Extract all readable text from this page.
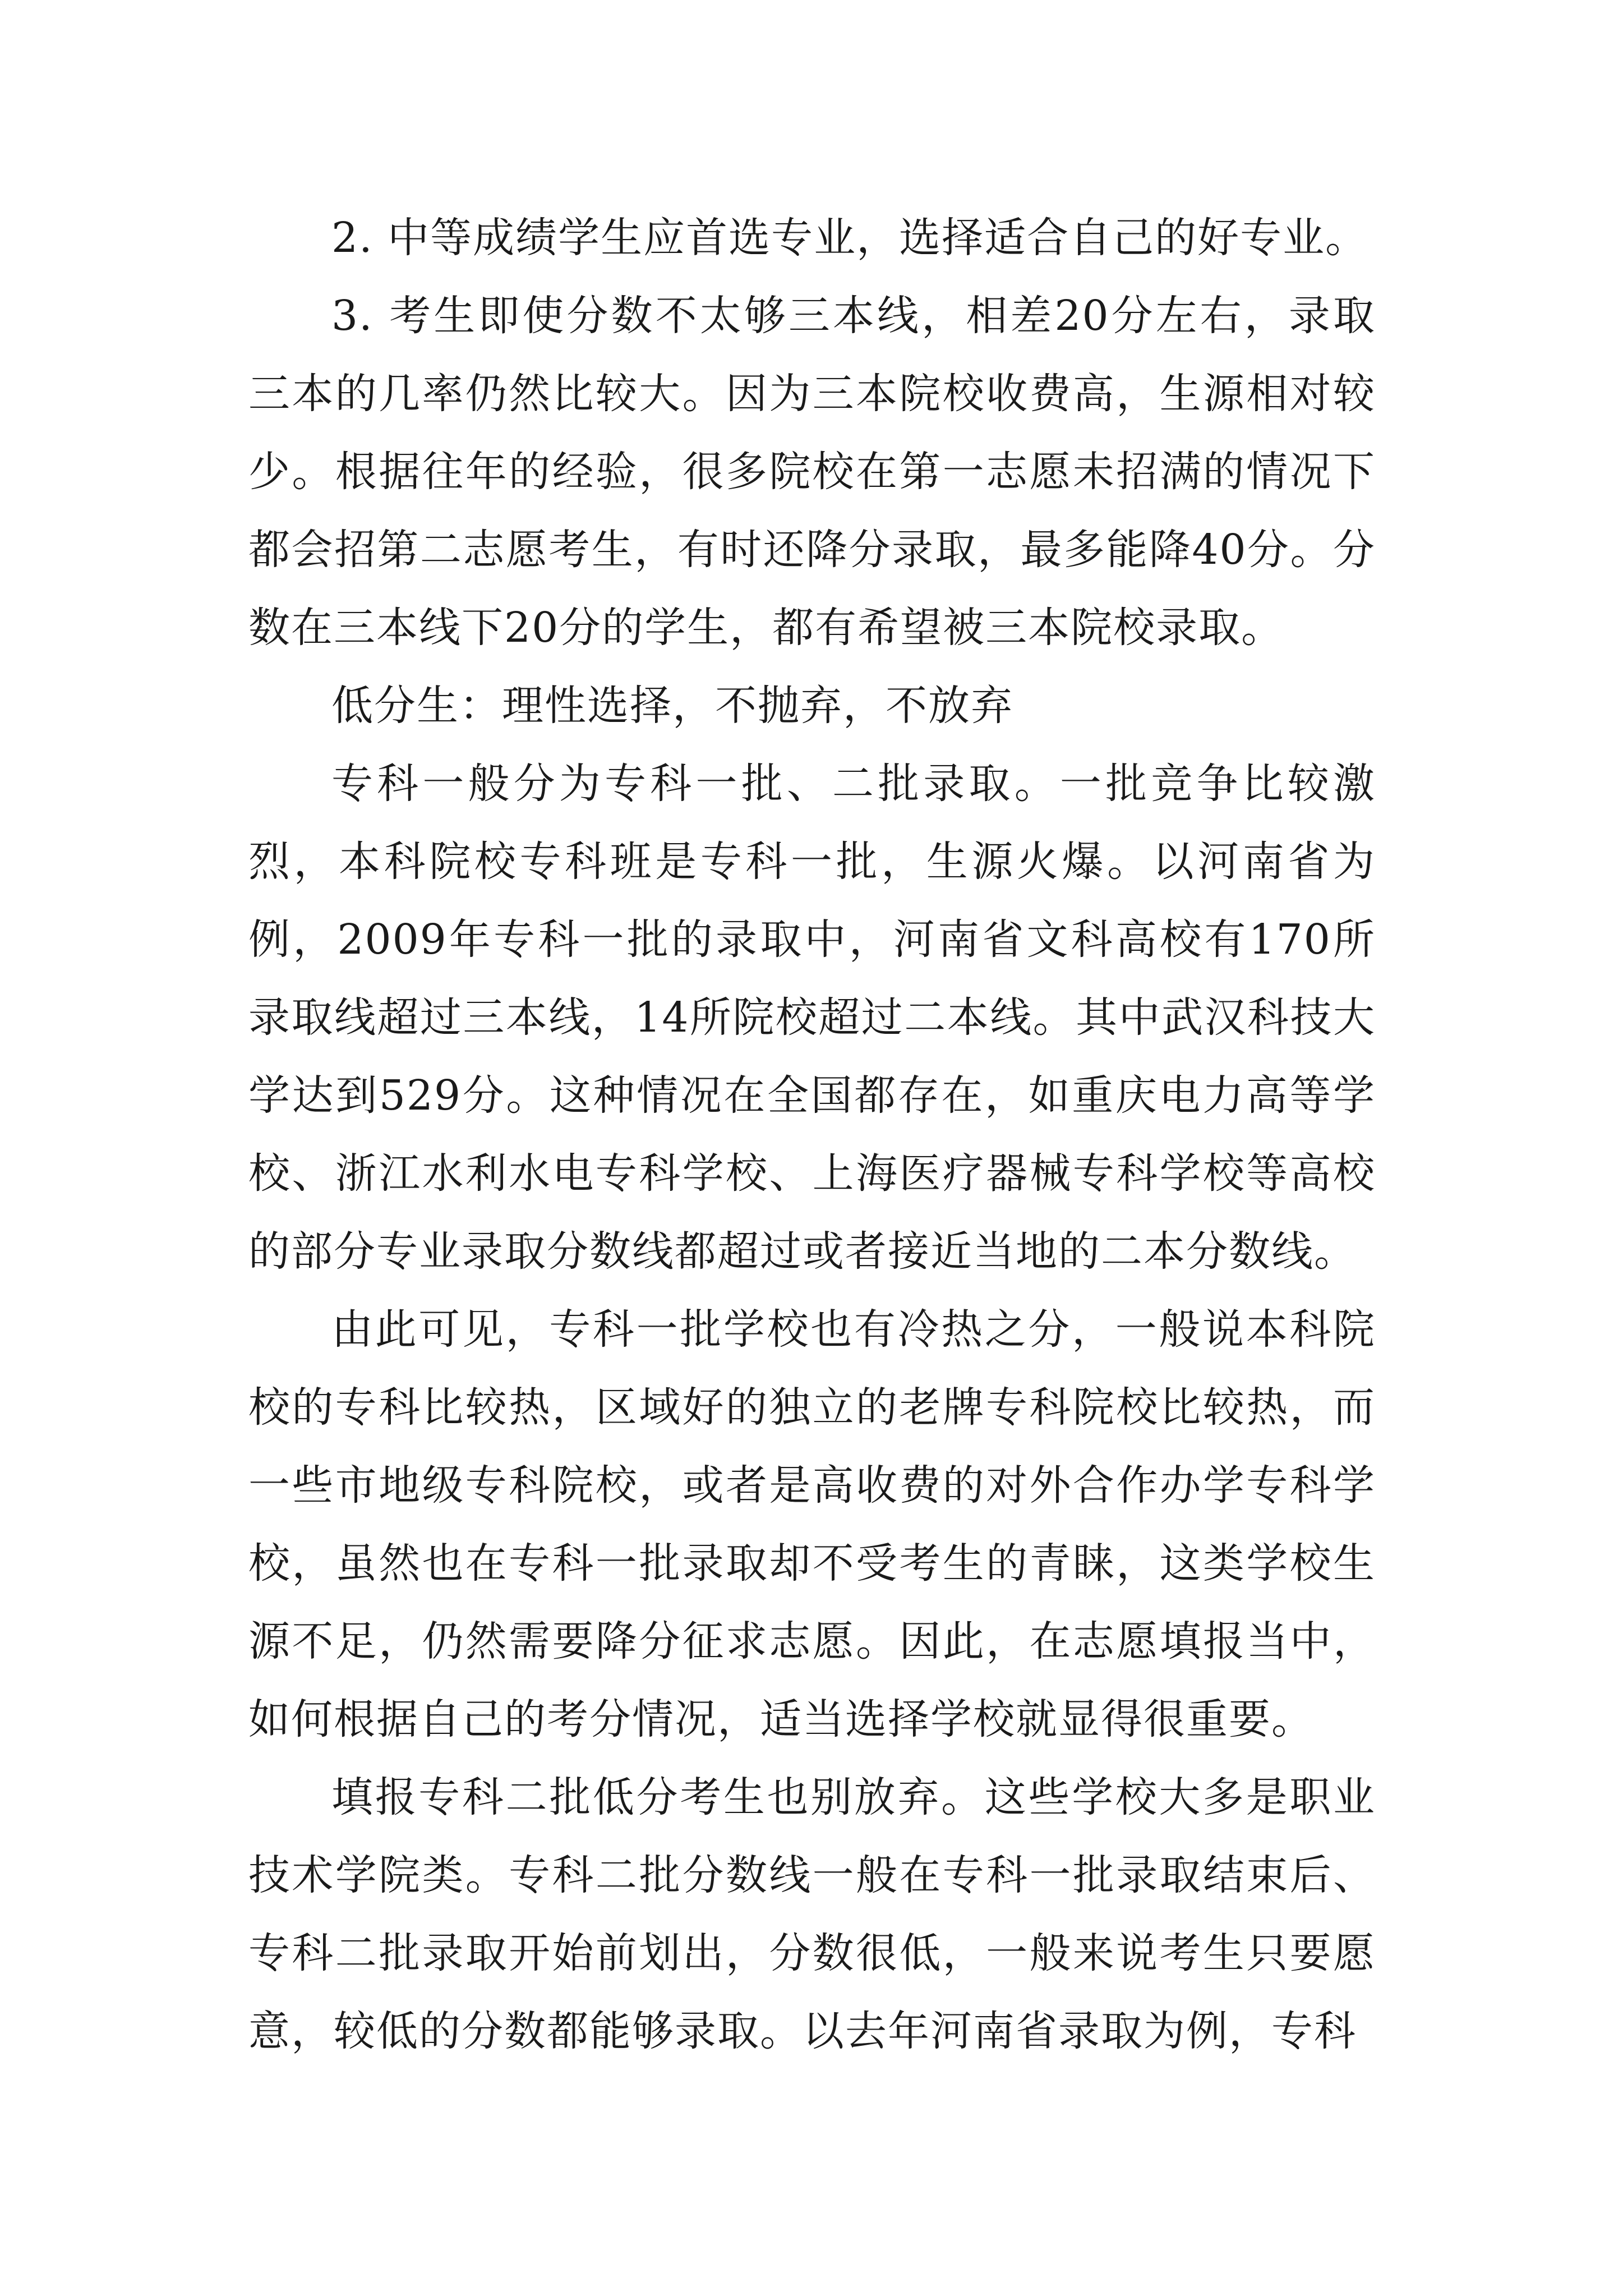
2. 中等成绩学生应首选专业，选择适合自己的好专业。

3. 考生即使分数不太够三本线，相差20分左右，录取三本的几率仍然比较大。因为三本院校收费高，生源相对较少。根据往年的经验，很多院校在第一志愿未招满的情况下都会招第二志愿考生，有时还降分录取，最多能降40分。分数在三本线下20分的学生，都有希望被三本院校录取。

低分生：理性选择，不抛弃，不放弃

专科一般分为专科一批、二批录取。一批竞争比较激烈，本科院校专科班是专科一批，生源火爆。以河南省为例，2009年专科一批的录取中，河南省文科高校有170所录取线超过三本线，14所院校超过二本线。其中武汉科技大学达到529分。这种情况在全国都存在，如重庆电力高等学校、浙江水利水电专科学校、上海医疗器械专科学校等高校的部分专业录取分数线都超过或者接近当地的二本分数线。

由此可见，专科一批学校也有冷热之分，一般说本科院校的专科比较热，区域好的独立的老牌专科院校比较热，而一些市地级专科院校，或者是高收费的对外合作办学专科学校，虽然也在专科一批录取却不受考生的青睐，这类学校生源不足，仍然需要降分征求志愿。因此，在志愿填报当中，如何根据自己的考分情况，适当选择学校就显得很重要。

填报专科二批低分考生也别放弃。这些学校大多是职业技术学院类。专科二批分数线一般在专科一批录取结束后、专科二批录取开始前划出，分数很低，一般来说考生只要愿意，较低的分数都能够录取。以去年河南省录取为例，专科
